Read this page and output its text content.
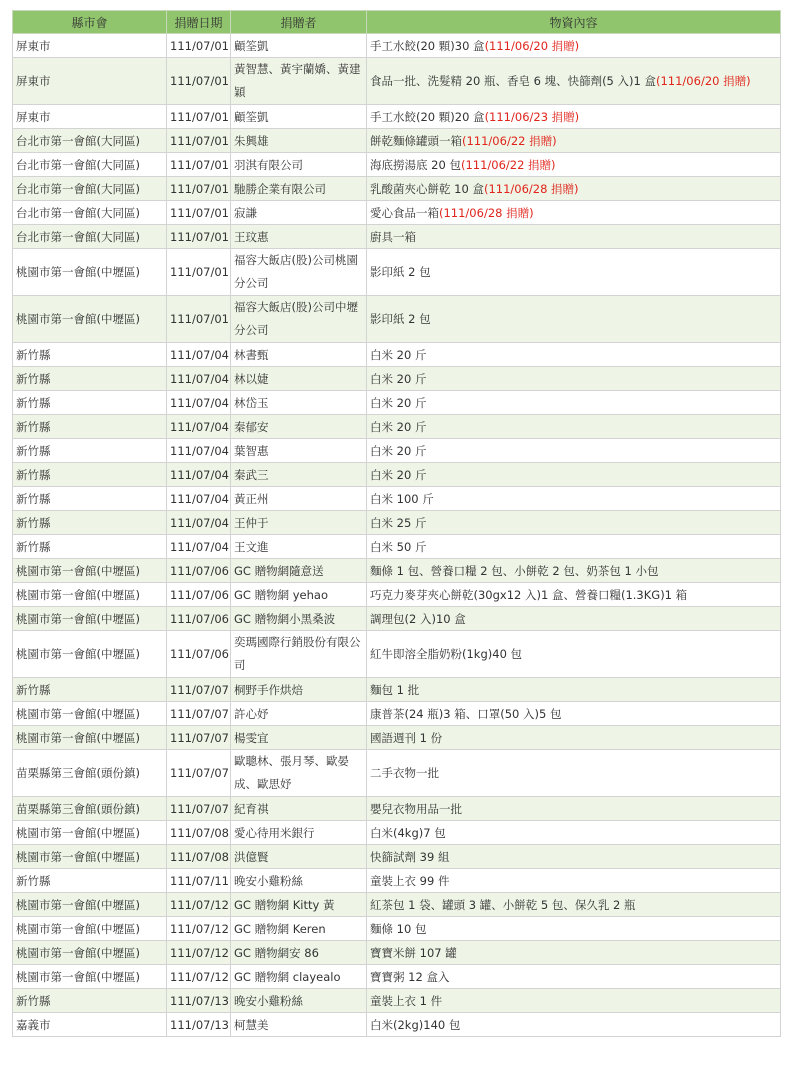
縣市會	捐贈日期	捐贈者	物資內容
屏東市	111/07/01	顧筌凱	手工水餃(20 顆)30 盒(111/06/20 捐贈)
屏東市	111/07/01	黃智慧、黃宇蘭嬌、黃建穎	食品一批、洗髮精 20 瓶、香皂 6 塊、快篩劑(5 入)1 盒(111/06/20 捐贈)
屏東市	111/07/01	顧筌凱	手工水餃(20 顆)20 盒(111/06/23 捐贈)
台北市第一會館(大同區)	111/07/01	朱興雄	餅乾麵條罐頭一箱(111/06/22 捐贈)
台北市第一會館(大同區)	111/07/01	羽淇有限公司	海底撈湯底 20 包(111/06/22 捐贈)
台北市第一會館(大同區)	111/07/01	馳勝企業有限公司	乳酸菌夾心餅乾 10 盒(111/06/28 捐贈)
台北市第一會館(大同區)	111/07/01	寂謙	愛心食品一箱(111/06/28 捐贈)
台北市第一會館(大同區)	111/07/01	王玟惠	廚具一箱
桃園市第一會館(中壢區)	111/07/01	福容大飯店(股)公司桃園分公司	影印紙 2 包
桃園市第一會館(中壢區)	111/07/01	福容大飯店(股)公司中壢分公司	影印紙 2 包
新竹縣	111/07/04	林書甄	白米 20 斤
新竹縣	111/07/04	林以婕	白米 20 斤
新竹縣	111/07/04	林岱玉	白米 20 斤
新竹縣	111/07/04	秦郁安	白米 20 斤
新竹縣	111/07/04	葉智惠	白米 20 斤
新竹縣	111/07/04	秦武三	白米 20 斤
新竹縣	111/07/04	黃正州	白米 100 斤
新竹縣	111/07/04	王仲于	白米 25 斤
新竹縣	111/07/04	王文進	白米 50 斤
桃園市第一會館(中壢區)	111/07/06	GC 贈物網隨意送	麵條 1 包、營養口糧 2 包、小餅乾 2 包、奶茶包 1 小包
桃園市第一會館(中壢區)	111/07/06	GC 贈物網 yehao	巧克力麥芽夾心餅乾(30gx12 入)1 盒、營養口糧(1.3KG)1 箱
桃園市第一會館(中壢區)	111/07/06	GC 贈物網小黑桑波	調理包(2 入)10 盒
桃園市第一會館(中壢區)	111/07/06	奕瑪國際行銷股份有限公司	紅牛即溶全脂奶粉(1kg)40 包
新竹縣	111/07/07	桐野手作烘焙	麵包 1 批
桃園市第一會館(中壢區)	111/07/07	許心妤	康普茶(24 瓶)3 箱、口罩(50 入)5 包
桃園市第一會館(中壢區)	111/07/07	楊雯宜	國語週刊 1 份
苗栗縣第三會館(頭份鎮)	111/07/07	歐聰林、張月琴、歐晏成、歐思妤	二手衣物一批
苗栗縣第三會館(頭份鎮)	111/07/07	紀育祺	嬰兒衣物用品一批
桃園市第一會館(中壢區)	111/07/08	愛心待用米銀行	白米(4kg)7 包
桃園市第一會館(中壢區)	111/07/08	洪億賢	快篩試劑 39 組
新竹縣	111/07/11	晚安小雞粉絲	童裝上衣 99 件
桃園市第一會館(中壢區)	111/07/12	GC 贈物網 Kitty 黃	紅茶包 1 袋、罐頭 3 罐、小餅乾 5 包、保久乳 2 瓶
桃園市第一會館(中壢區)	111/07/12	GC 贈物網 Keren	麵條 10 包
桃園市第一會館(中壢區)	111/07/12	GC 贈物網安 86	寶寶米餅 107 罐
桃園市第一會館(中壢區)	111/07/12	GC 贈物網 clayealo	寶寶粥 12 盒入
新竹縣	111/07/13	晚安小雞粉絲	童裝上衣 1 件
嘉義市	111/07/13	柯慧美	白米(2kg)140 包
